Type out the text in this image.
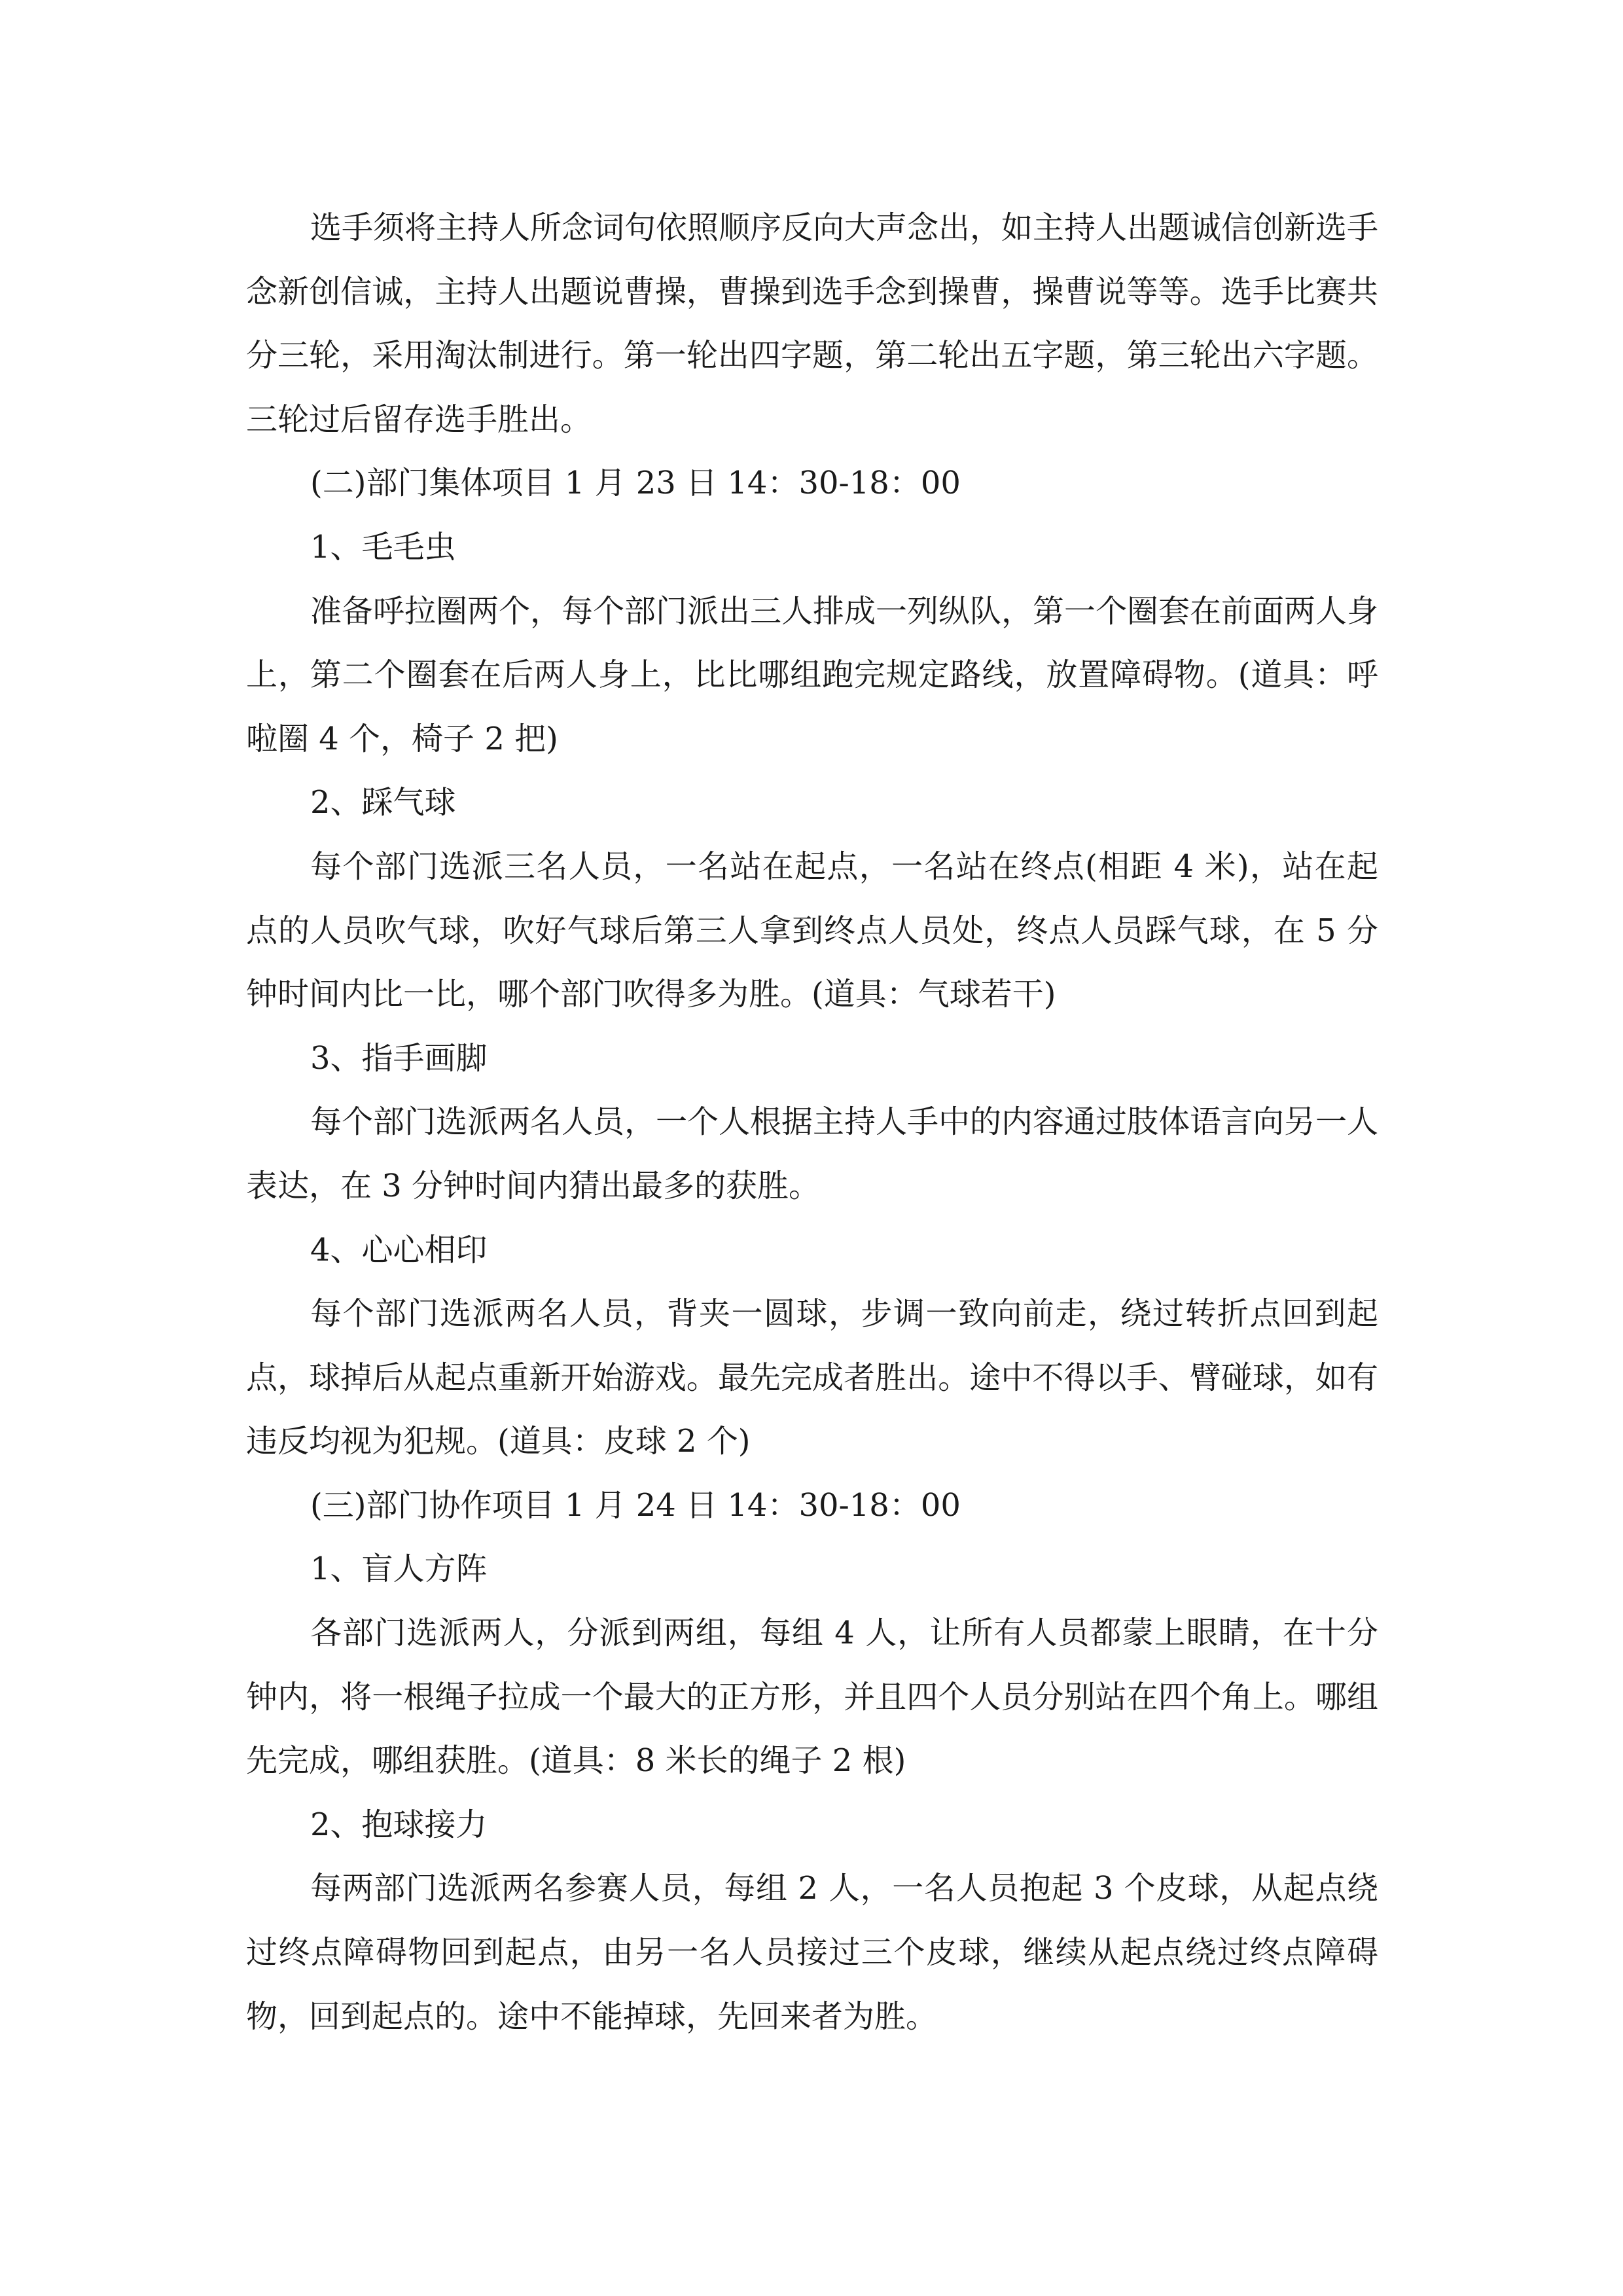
选手须将主持人所念词句依照顺序反向大声念出，如主持人出题诚信创新选手念新创信诚，主持人出题说曹操，曹操到选手念到操曹，操曹说等等。选手比赛共分三轮，采用淘汰制进行。第一轮出四字题，第二轮出五字题，第三轮出六字题。三轮过后留存选手胜出。

(二)部门集体项目 1 月 23 日 14：30-18：00

1、毛毛虫

准备呼拉圈两个，每个部门派出三人排成一列纵队，第一个圈套在前面两人身上，第二个圈套在后两人身上，比比哪组跑完规定路线，放置障碍物。(道具：呼啦圈 4 个，椅子 2 把)

2、踩气球

每个部门选派三名人员，一名站在起点，一名站在终点(相距 4 米)，站在起点的人员吹气球，吹好气球后第三人拿到终点人员处，终点人员踩气球，在 5 分钟时间内比一比，哪个部门吹得多为胜。(道具：气球若干)

3、指手画脚

每个部门选派两名人员，一个人根据主持人手中的内容通过肢体语言向另一人表达，在 3 分钟时间内猜出最多的获胜。

4、心心相印

每个部门选派两名人员，背夹一圆球，步调一致向前走，绕过转折点回到起点，球掉后从起点重新开始游戏。最先完成者胜出。途中不得以手、臂碰球，如有违反均视为犯规。(道具：皮球 2 个)

(三)部门协作项目 1 月 24 日 14：30-18：00

1、盲人方阵

各部门选派两人，分派到两组，每组 4 人，让所有人员都蒙上眼睛，在十分钟内，将一根绳子拉成一个最大的正方形，并且四个人员分别站在四个角上。哪组先完成，哪组获胜。(道具：8 米长的绳子 2 根)

2、抱球接力

每两部门选派两名参赛人员，每组 2 人，一名人员抱起 3 个皮球，从起点绕过终点障碍物回到起点，由另一名人员接过三个皮球，继续从起点绕过终点障碍物，回到起点的。途中不能掉球，先回来者为胜。
